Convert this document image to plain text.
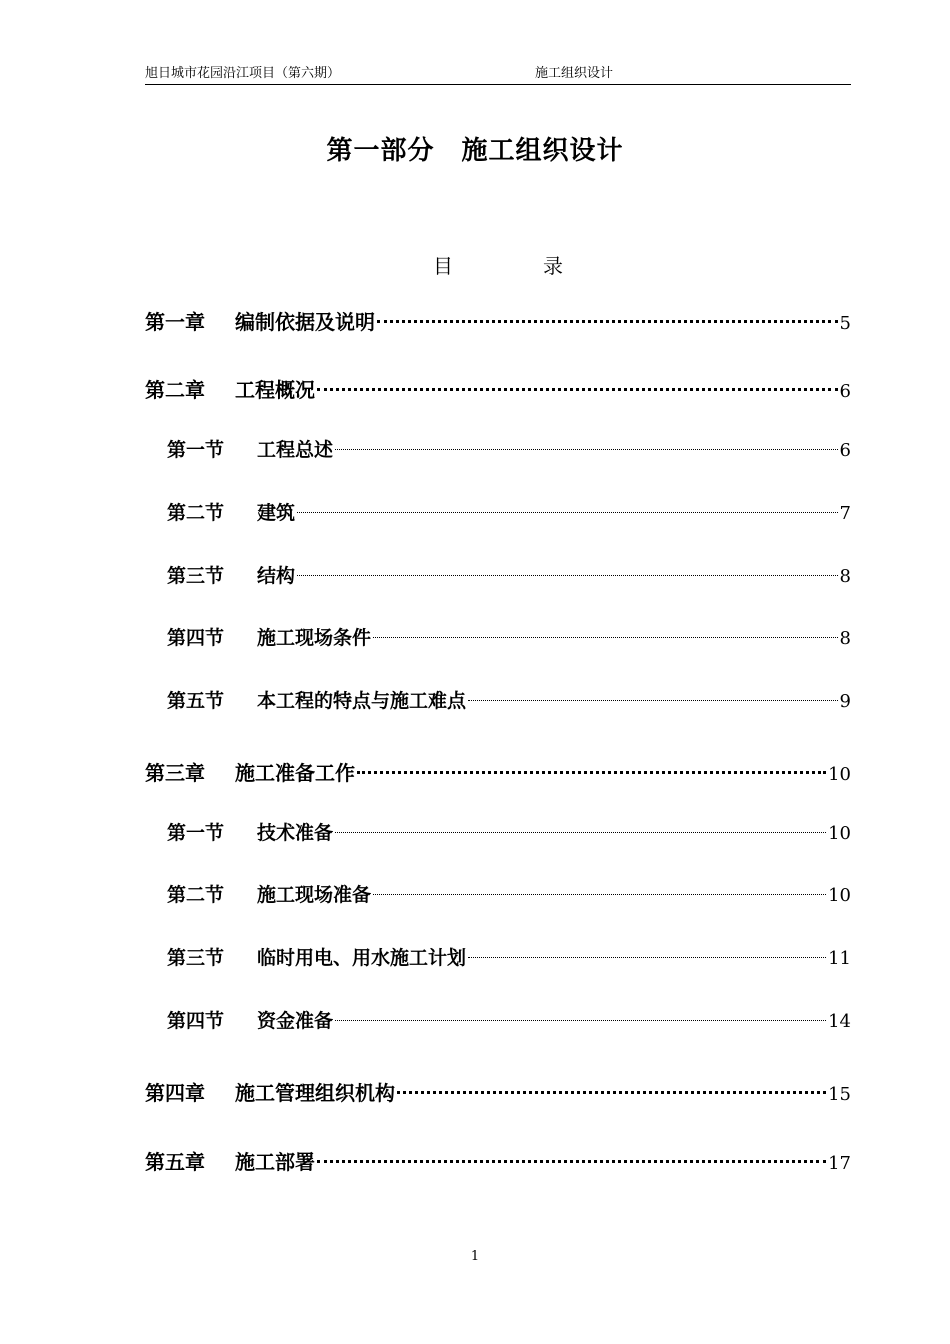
旭日城市花园沿江项目（第六期）	施工组织设计
第一部分　施工组织设计
目	录
第一章	编制依据及说明	5
第二章	工程概况	6
第一节	工程总述	6
第二节	建筑	7
第三节	结构	8
第四节	施工现场条件	8
第五节	本工程的特点与施工难点	9
第三章	施工准备工作	10
第一节	技术准备	10
第二节	施工现场准备	10
第三节	临时用电、用水施工计划	11
第四节	资金准备	14
第四章	施工管理组织机构	15
第五章	施工部署	17
1
